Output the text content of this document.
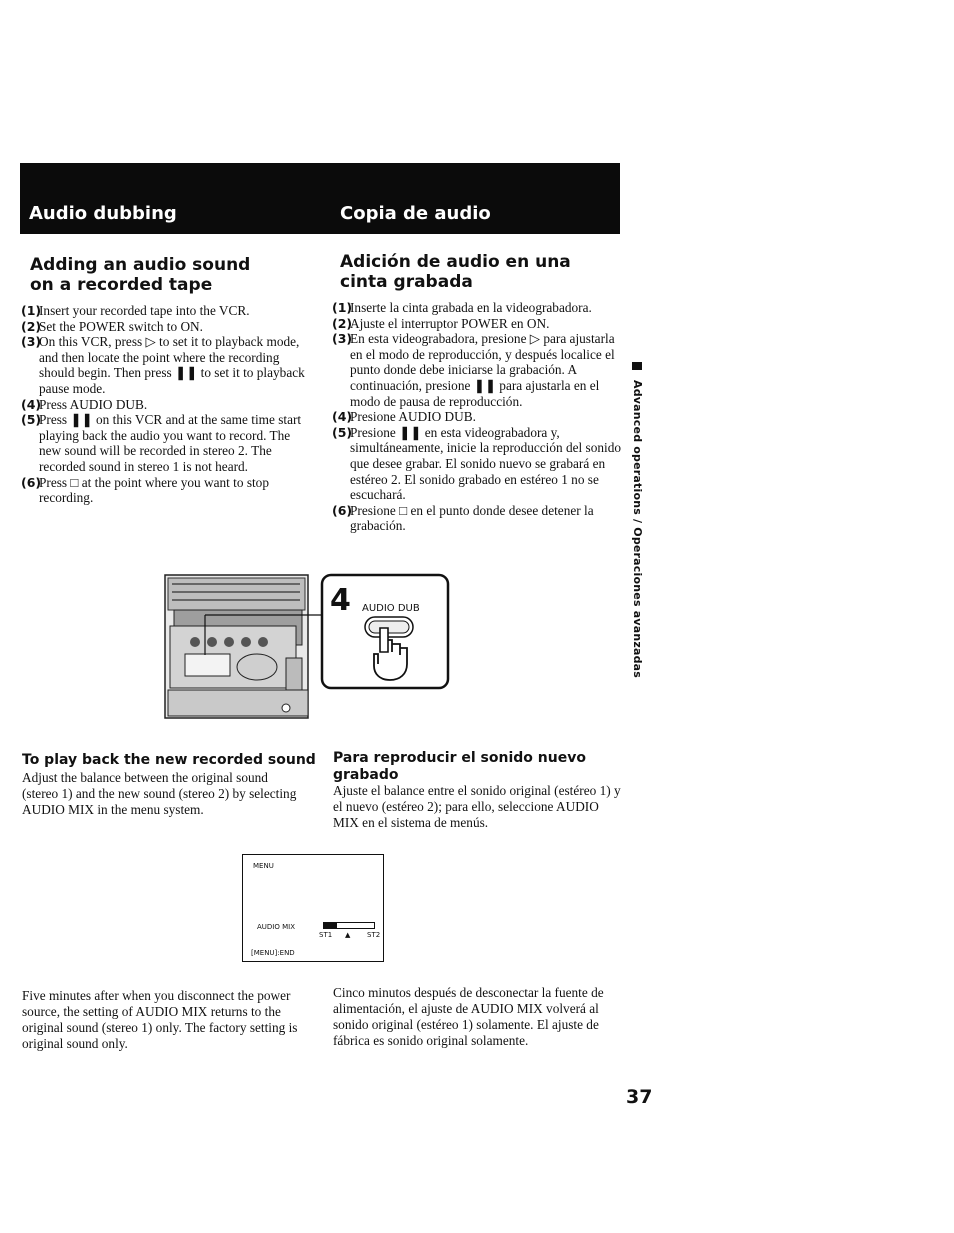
Audio dubbing	Copia de audio
Adding an audio sound on a recorded tape
Adición de audio en una cinta grabada
(1)
Insert your recorded tape into the VCR.
(2)
Set the POWER switch to ON.
(3)
On this VCR, press ▷ to set it to playback mode, and then locate the point where the recording should begin. Then press ❚❚ to set it to playback pause mode.
(4)
Press AUDIO DUB.
(5)
Press ❚❚ on this VCR and at the same time start playing back the audio you want to record. The new sound will be recorded in stereo 2. The recorded sound in stereo 1 is not heard.
(6)
Press □ at the point where you want to stop recording.
(1)
Inserte la cinta grabada en la videograbadora.
(2)
Ajuste el interruptor POWER en ON.
(3)
En esta videograbadora, presione ▷ para ajustarla en el modo de reproducción, y después localice el punto donde debe iniciarse la grabación. A continuación, presione ❚❚ para ajustarla en el modo de pausa de reproducción.
(4)
Presione AUDIO DUB.
(5)
Presione ❚❚ en esta videograbadora y, simultáneamente, inicie la reproducción del sonido que desee grabar. El sonido nuevo se grabará en estéreo 2. El sonido grabado en estéreo 1 no se escuchará.
(6)
Presione □ en el punto donde desee detener la grabación.	Advanced operations / Operaciones avanzadas
4 AUDIO DUB
To play back the new recorded sound
Adjust the balance between the original sound (stereo 1) and the new sound (stereo 2) by selecting AUDIO MIX in the menu system.
Para reproducir el sonido nuevo grabado
Ajuste el balance entre el sonido original (estéreo 1) y el nuevo (estéreo 2); para ello, seleccione AUDIO MIX en el sistema de menús.
MENU
AUDIO MIX
ST1 ▲ ST2
[MENU]:END
Five minutes after when you disconnect the power source, the setting of AUDIO MIX returns to the original sound (stereo 1) only. The factory setting is original sound only.
Cinco minutos después de desconectar la fuente de alimentación, el ajuste de AUDIO MIX volverá al sonido original (estéreo 1) solamente. El ajuste de fábrica es sonido original solamente.
37
